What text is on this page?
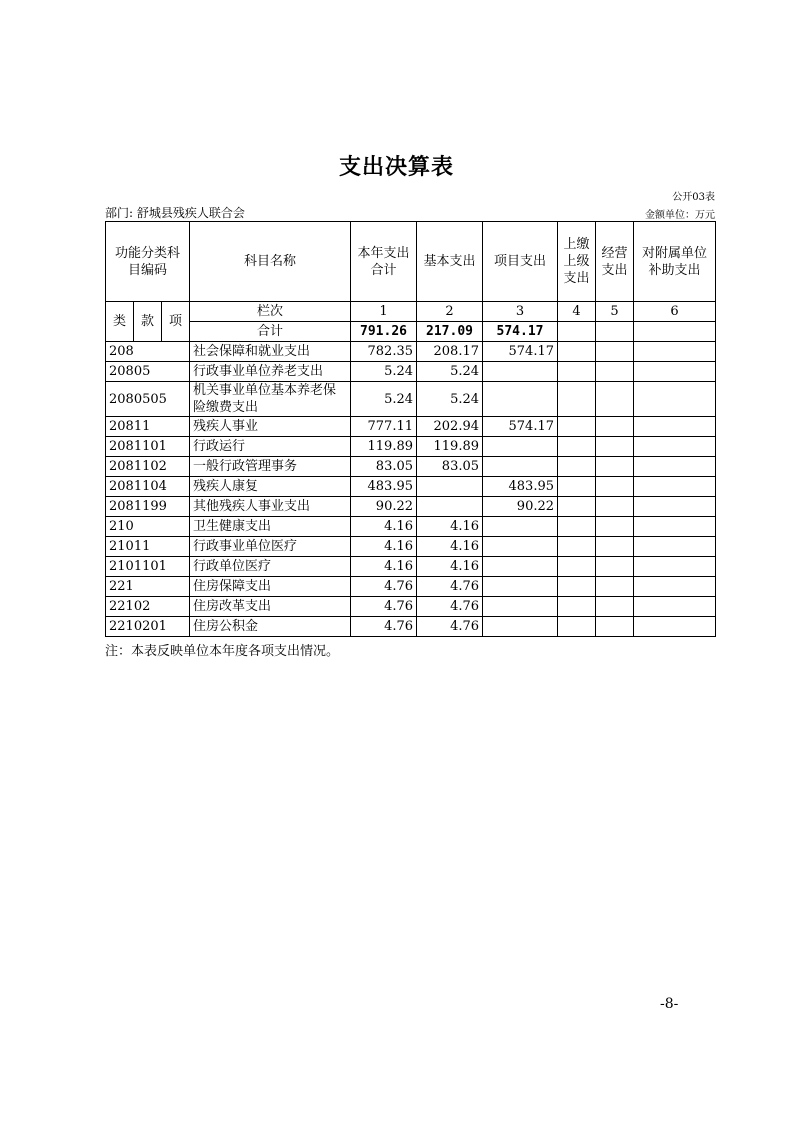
支出决算表
公开03表
部门: 舒城县残疾人联合会	金额单位：万元
功能分类科目编码			科目名称	本年支出合计	基本支出	项目支出	上缴上级支出	经营支出	对附属单位补助支出
类	款	项	栏次	1	2	3	4	5	6
			合计	791.26	217.09	574.17			
208			社会保障和就业支出	782.35	208.17	574.17			
20805			行政事业单位养老支出	5.24	5.24				
2080505			机关事业单位基本养老保险缴费支出	5.24	5.24				
20811			残疾人事业	777.11	202.94	574.17			
2081101			行政运行	119.89	119.89				
2081102			一般行政管理事务	83.05	83.05				
2081104			残疾人康复	483.95		483.95			
2081199			其他残疾人事业支出	90.22		90.22			
210			卫生健康支出	4.16	4.16				
21011			行政事业单位医疗	4.16	4.16				
2101101			行政单位医疗	4.16	4.16				
221			住房保障支出	4.76	4.76				
22102			住房改革支出	4.76	4.76				
2210201			住房公积金	4.76	4.76				
注：本表反映单位本年度各项支出情况。
-8-
